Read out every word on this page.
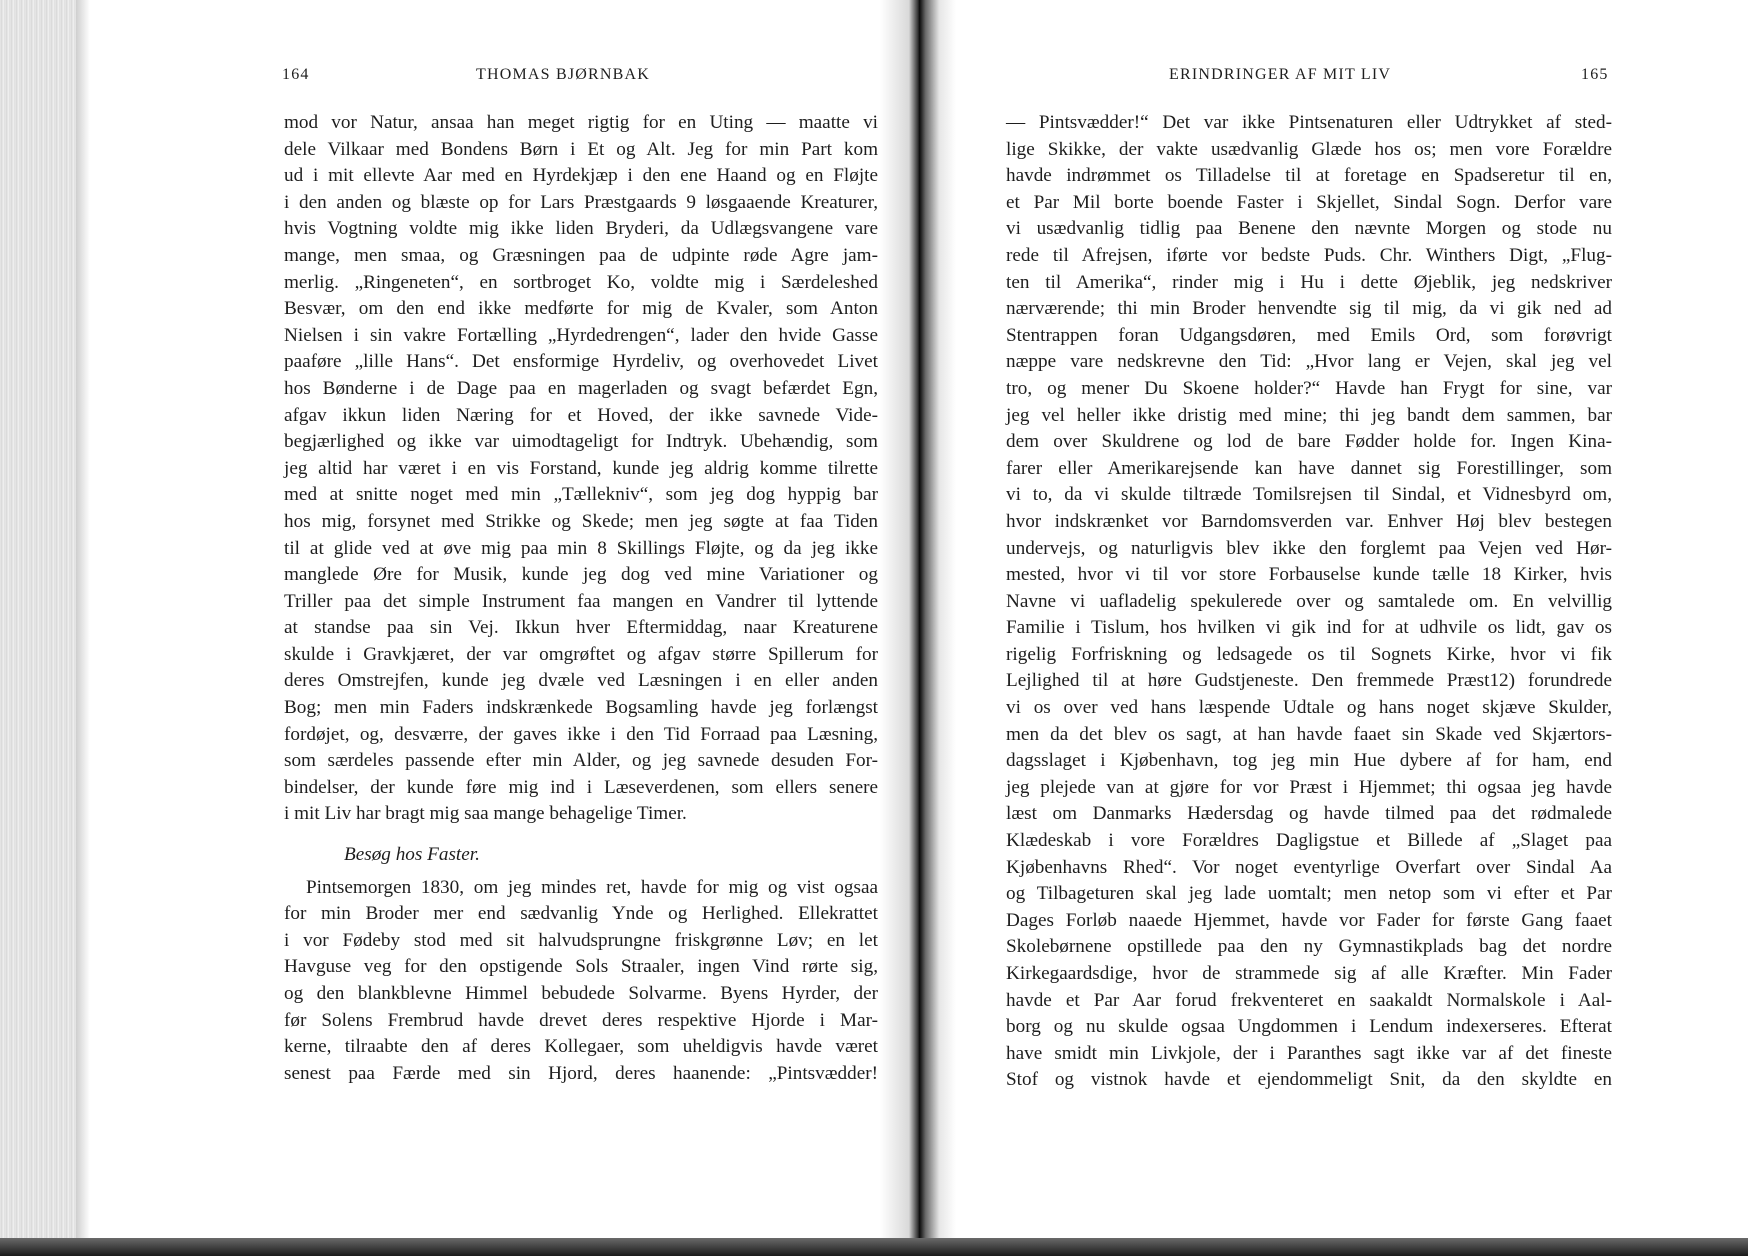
164	THOMAS BJØRNBAK
mod vor Natur, ansaa han meget rigtig for en Uting — maatte vi
dele Vilkaar med Bondens Børn i Et og Alt. Jeg for min Part kom
ud i mit ellevte Aar med en Hyrdekjæp i den ene Haand og en Fløjte
i den anden og blæste op for Lars Præstgaards 9 løsgaaende Kreaturer,
hvis Vogtning voldte mig ikke liden Bryderi, da Udlægsvangene vare
mange, men smaa, og Græsningen paa de udpinte røde Agre jam-
merlig. „Ringeneten“, en sortbroget Ko, voldte mig i Særdeleshed
Besvær, om den end ikke medførte for mig de Kvaler, som Anton
Nielsen i sin vakre Fortælling „Hyrdedrengen“, lader den hvide Gasse
paaføre „lille Hans“. Det ensformige Hyrdeliv, og overhovedet Livet
hos Bønderne i de Dage paa en magerladen og svagt befærdet Egn,
afgav ikkun liden Næring for et Hoved, der ikke savnede Vide-
begjærlighed og ikke var uimodtageligt for Indtryk. Ubehændig, som
jeg altid har været i en vis Forstand, kunde jeg aldrig komme tilrette
med at snitte noget med min „Tællekniv“, som jeg dog hyppig bar
hos mig, forsynet med Strikke og Skede; men jeg søgte at faa Tiden
til at glide ved at øve mig paa min 8 Skillings Fløjte, og da jeg ikke
manglede Øre for Musik, kunde jeg dog ved mine Variationer og
Triller paa det simple Instrument faa mangen en Vandrer til lyttende
at standse paa sin Vej. Ikkun hver Eftermiddag, naar Kreaturene
skulde i Gravkjæret, der var omgrøftet og afgav større Spillerum for
deres Omstrejfen, kunde jeg dvæle ved Læsningen i en eller anden
Bog; men min Faders indskrænkede Bogsamling havde jeg forlængst
fordøjet, og, desværre, der gaves ikke i den Tid Forraad paa Læsning,
som særdeles passende efter min Alder, og jeg savnede desuden For-
bindelser, der kunde føre mig ind i Læseverdenen, som ellers senere
i mit Liv har bragt mig saa mange behagelige Timer.
Besøg hos Faster.
Pintsemorgen 1830, om jeg mindes ret, havde for mig og vist ogsaa
for min Broder mer end sædvanlig Ynde og Herlighed. Ellekrattet
i vor Fødeby stod med sit halvudsprungne friskgrønne Løv; en let
Havguse veg for den opstigende Sols Straaler, ingen Vind rørte sig,
og den blankblevne Himmel bebudede Solvarme. Byens Hyrder, der
før Solens Frembrud havde drevet deres respektive Hjorde i Mar-
kerne, tilraabte den af deres Kollegaer, som uheldigvis havde været
senest paa Færde med sin Hjord, deres haanende: „Pintsvædder!
ERINDRINGER AF MIT LIV	165
— Pintsvædder!“ Det var ikke Pintsenaturen eller Udtrykket af sted-
lige Skikke, der vakte usædvanlig Glæde hos os; men vore Forældre
havde indrømmet os Tilladelse til at foretage en Spadseretur til en,
et Par Mil borte boende Faster i Skjellet, Sindal Sogn. Derfor vare
vi usædvanlig tidlig paa Benene den nævnte Morgen og stode nu
rede til Afrejsen, iførte vor bedste Puds. Chr. Winthers Digt, „Flug-
ten til Amerika“, rinder mig i Hu i dette Øjeblik, jeg nedskriver
nærværende; thi min Broder henvendte sig til mig, da vi gik ned ad
Stentrappen foran Udgangsdøren, med Emils Ord, som forøvrigt
næppe vare nedskrevne den Tid: „Hvor lang er Vejen, skal jeg vel
tro, og mener Du Skoene holder?“ Havde han Frygt for sine, var
jeg vel heller ikke dristig med mine; thi jeg bandt dem sammen, bar
dem over Skuldrene og lod de bare Fødder holde for. Ingen Kina-
farer eller Amerikarejsende kan have dannet sig Forestillinger, som
vi to, da vi skulde tiltræde Tomilsrejsen til Sindal, et Vidnesbyrd om,
hvor indskrænket vor Barndomsverden var. Enhver Høj blev bestegen
undervejs, og naturligvis blev ikke den forglemt paa Vejen ved Hør-
mested, hvor vi til vor store Forbauselse kunde tælle 18 Kirker, hvis
Navne vi uafladelig spekulerede over og samtalede om. En velvillig
Familie i Tislum, hos hvilken vi gik ind for at udhvile os lidt, gav os
rigelig Forfriskning og ledsagede os til Sognets Kirke, hvor vi fik
Lejlighed til at høre Gudstjeneste. Den fremmede Præst12) forundrede
vi os over ved hans læspende Udtale og hans noget skjæve Skulder,
men da det blev os sagt, at han havde faaet sin Skade ved Skjærtors-
dagsslaget i Kjøbenhavn, tog jeg min Hue dybere af for ham, end
jeg plejede van at gjøre for vor Præst i Hjemmet; thi ogsaa jeg havde
læst om Danmarks Hædersdag og havde tilmed paa det rødmalede
Klædeskab i vore Forældres Dagligstue et Billede af „Slaget paa
Kjøbenhavns Rhed“. Vor noget eventyrlige Overfart over Sindal Aa
og Tilbageturen skal jeg lade uomtalt; men netop som vi efter et Par
Dages Forløb naaede Hjemmet, havde vor Fader for første Gang faaet
Skolebørnene opstillede paa den ny Gymnastikplads bag det nordre
Kirkegaardsdige, hvor de strammede sig af alle Kræfter. Min Fader
havde et Par Aar forud frekventeret en saakaldt Normalskole i Aal-
borg og nu skulde ogsaa Ungdommen i Lendum indexerseres. Efterat
have smidt min Livkjole, der i Paranthes sagt ikke var af det fineste
Stof og vistnok havde et ejendommeligt Snit, da den skyldte en
